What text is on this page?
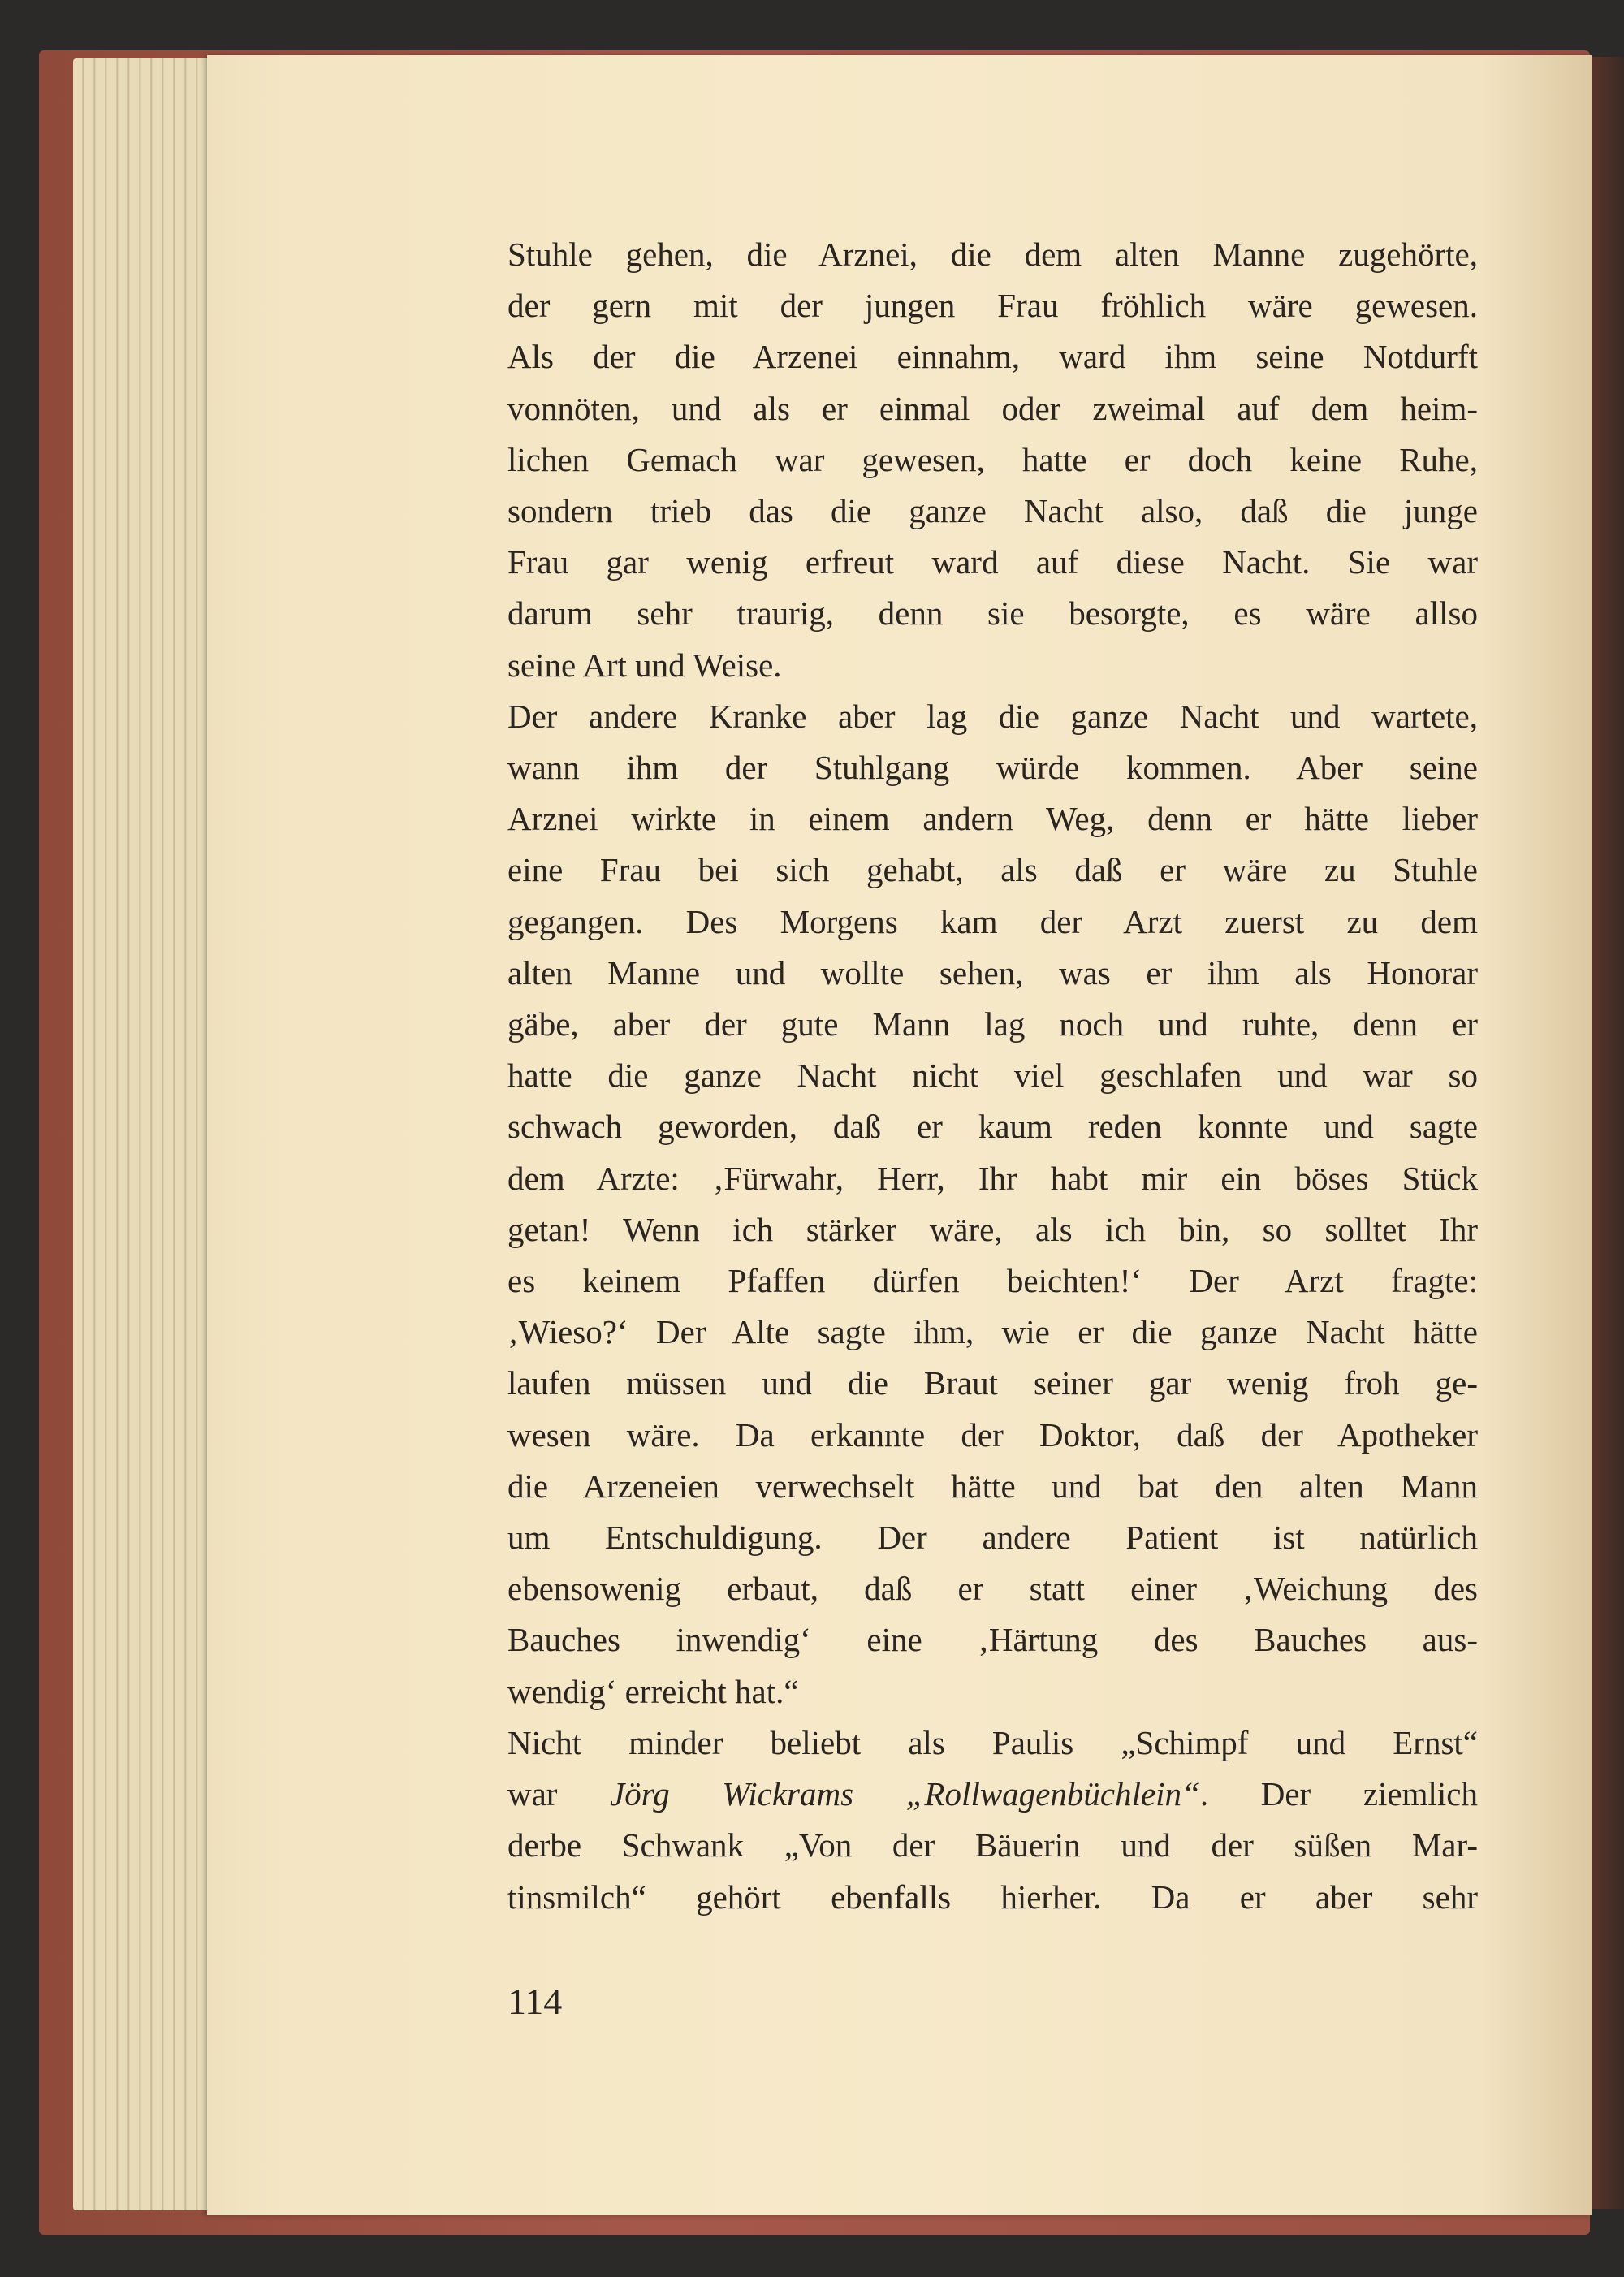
Stuhle gehen, die Arznei, die dem alten Manne zugehörte,
der gern mit der jungen Frau fröhlich wäre gewesen.
Als der die Arzenei einnahm, ward ihm seine Notdurft
vonnöten, und als er einmal oder zweimal auf dem heim-
lichen Gemach war gewesen, hatte er doch keine Ruhe,
sondern trieb das die ganze Nacht also, daß die junge
Frau gar wenig erfreut ward auf diese Nacht. Sie war
darum sehr traurig, denn sie besorgte, es wäre allso
seine Art und Weise.
Der andere Kranke aber lag die ganze Nacht und wartete,
wann ihm der Stuhlgang würde kommen. Aber seine
Arznei wirkte in einem andern Weg, denn er hätte lieber
eine Frau bei sich gehabt, als daß er wäre zu Stuhle
gegangen. Des Morgens kam der Arzt zuerst zu dem
alten Manne und wollte sehen, was er ihm als Honorar
gäbe, aber der gute Mann lag noch und ruhte, denn er
hatte die ganze Nacht nicht viel geschlafen und war so
schwach geworden, daß er kaum reden konnte und sagte
dem Arzte: ‚Fürwahr, Herr, Ihr habt mir ein böses Stück
getan! Wenn ich stärker wäre, als ich bin, so solltet Ihr
es keinem Pfaffen dürfen beichten!‘ Der Arzt fragte:
‚Wieso?‘ Der Alte sagte ihm, wie er die ganze Nacht hätte
laufen müssen und die Braut seiner gar wenig froh ge-
wesen wäre. Da erkannte der Doktor, daß der Apotheker
die Arzeneien verwechselt hätte und bat den alten Mann
um Entschuldigung. Der andere Patient ist natürlich
ebensowenig erbaut, daß er statt einer ‚Weichung des
Bauches inwendig‘ eine ‚Härtung des Bauches aus-
wendig‘ erreicht hat.“
Nicht minder beliebt als Paulis „Schimpf und Ernst“
war Jörg Wickrams „Rollwagenbüchlein“. Der ziemlich
derbe Schwank „Von der Bäuerin und der süßen Mar-
tinsmilch“ gehört ebenfalls hierher. Da er aber sehr
114
